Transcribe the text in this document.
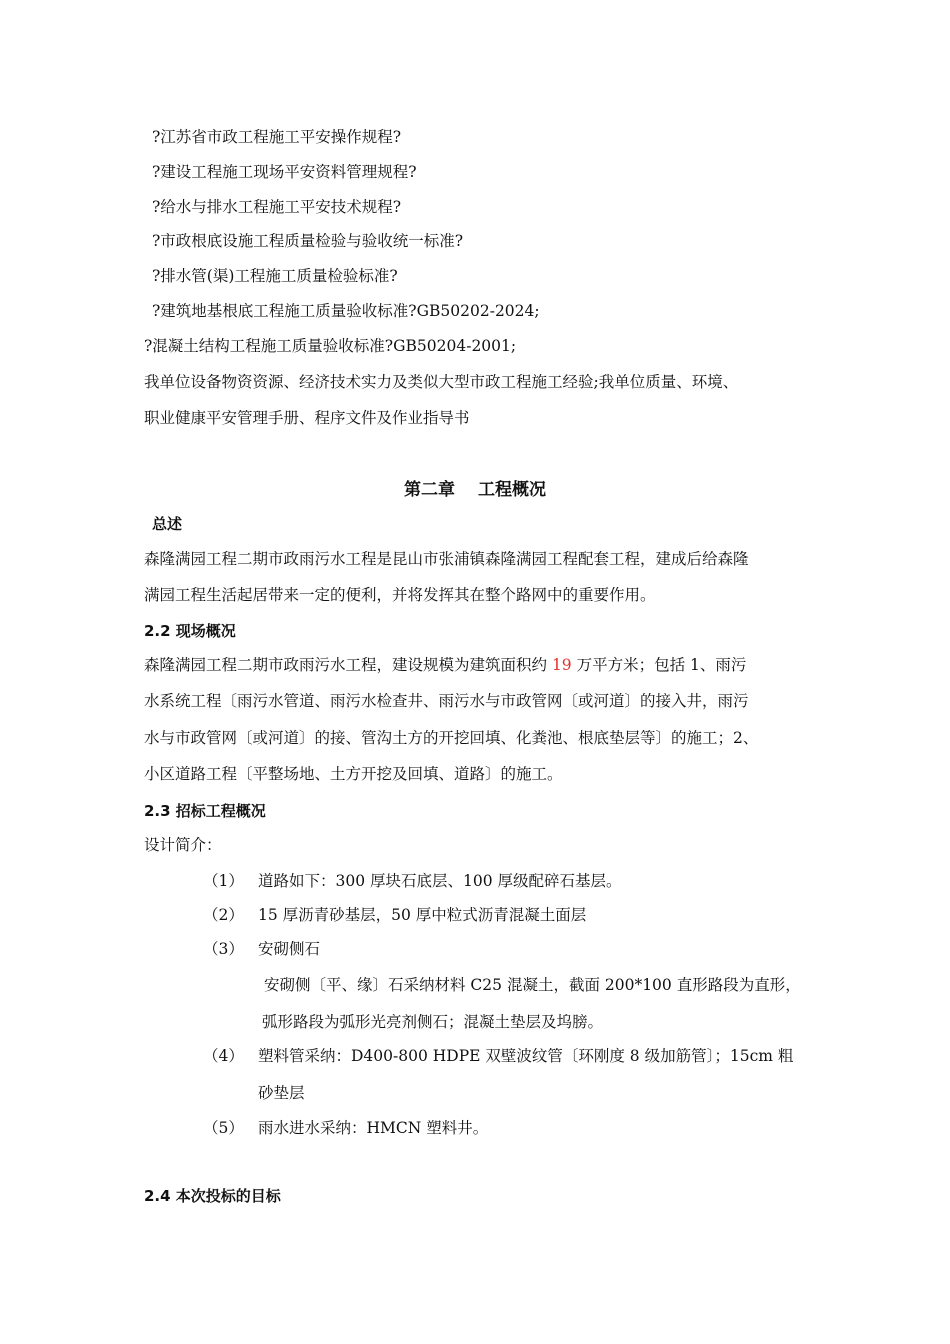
?江苏省市政工程施工平安操作规程?
?建设工程施工现场平安资料管理规程?
?给水与排水工程施工平安技术规程?
?市政根底设施工程质量检验与验收统一标准?
?排水管(渠)工程施工质量检验标准?
?建筑地基根底工程施工质量验收标准?GB50202-2024;
?混凝土结构工程施工质量验收标准?GB50204-2001;
我单位设备物资资源、经济技术实力及类似大型市政工程施工经验;我单位质量、环境、
职业健康平安管理手册、程序文件及作业指导书
第二章　 工程概况
总述
森隆满园工程二期市政雨污水工程是昆山市张浦镇森隆满园工程配套工程，建成后给森隆
满园工程生活起居带来一定的便利，并将发挥其在整个路网中的重要作用。
2.2 现场概况
森隆满园工程二期市政雨污水工程，建设规模为建筑面积约 19 万平方米；包括 1、雨污
水系统工程〔雨污水管道、雨污水检查井、雨污水与市政管网〔或河道〕的接入井，雨污
水与市政管网〔或河道〕的接、管沟土方的开挖回填、化粪池、根底垫层等〕的施工；2、
小区道路工程〔平整场地、土方开挖及回填、道路〕的施工。
2.3 招标工程概况
设计简介：
（1） 道路如下：300 厚块石底层、100 厚级配碎石基层。
（2） 15 厚沥青砂基层，50 厚中粒式沥青混凝土面层
（3） 安砌侧石
安砌侧〔平、缘〕石采纳材料 C25 混凝土，截面 200*100 直形路段为直形，
弧形路段为弧形光亮剂侧石；混凝土垫层及坞膀。
（4） 塑料管采纳：D400-800 HDPE 双壁波纹管〔环刚度 8 级加筋管〕；15cm 粗
砂垫层
（5） 雨水进水采纳：HMCN 塑料井。
2.4 本次投标的目标
